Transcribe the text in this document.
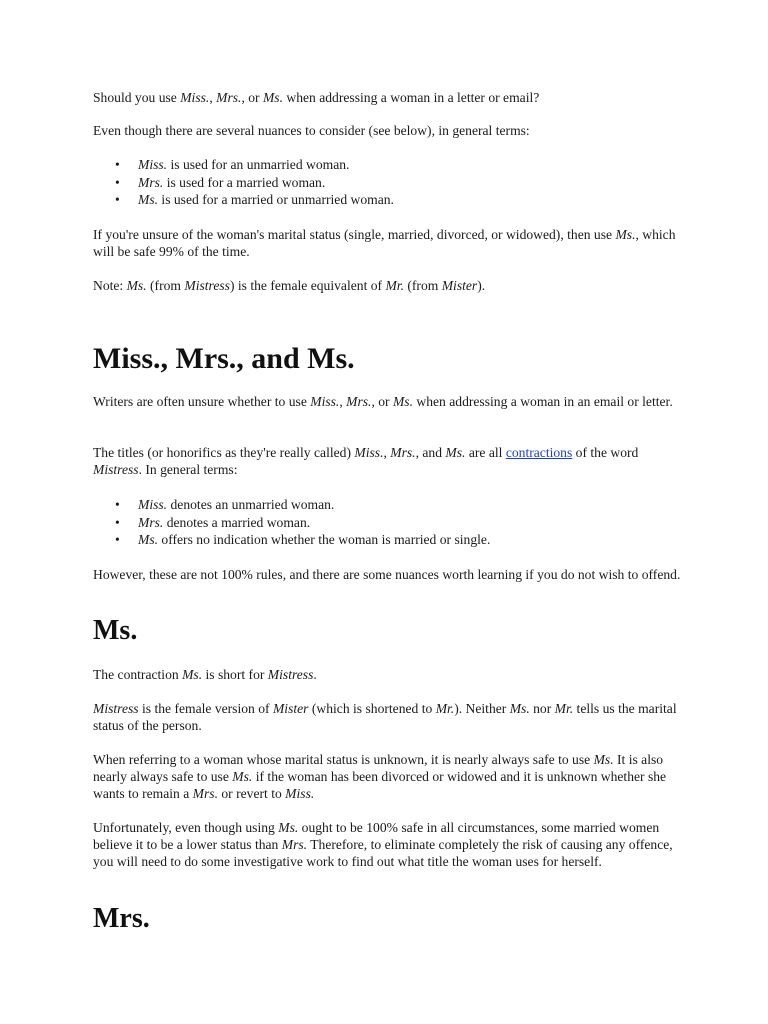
Should you use Miss., Mrs., or Ms. when addressing a woman in a letter or email?

Even though there are several nuances to consider (see below), in general terms:

• Miss. is used for an unmarried woman.
• Mrs. is used for a married woman.
• Ms. is used for a married or unmarried woman.

If you're unsure of the woman's marital status (single, married, divorced, or widowed), then use Ms., which will be safe 99% of the time.

Note: Ms. (from Mistress) is the female equivalent of Mr. (from Mister).

Miss., Mrs., and Ms.

Writers are often unsure whether to use Miss., Mrs., or Ms. when addressing a woman in an email or letter.

The titles (or honorifics as they're really called) Miss., Mrs., and Ms. are all contractions of the word Mistress. In general terms:

• Miss. denotes an unmarried woman.
• Mrs. denotes a married woman.
• Ms. offers no indication whether the woman is married or single.

However, these are not 100% rules, and there are some nuances worth learning if you do not wish to offend.

Ms.

The contraction Ms. is short for Mistress.

Mistress is the female version of Mister (which is shortened to Mr.). Neither Ms. nor Mr. tells us the marital status of the person.

When referring to a woman whose marital status is unknown, it is nearly always safe to use Ms. It is also nearly always safe to use Ms. if the woman has been divorced or widowed and it is unknown whether she wants to remain a Mrs. or revert to Miss.

Unfortunately, even though using Ms. ought to be 100% safe in all circumstances, some married women believe it to be a lower status than Mrs. Therefore, to eliminate completely the risk of causing any offence, you will need to do some investigative work to find out what title the woman uses for herself.

Mrs.
